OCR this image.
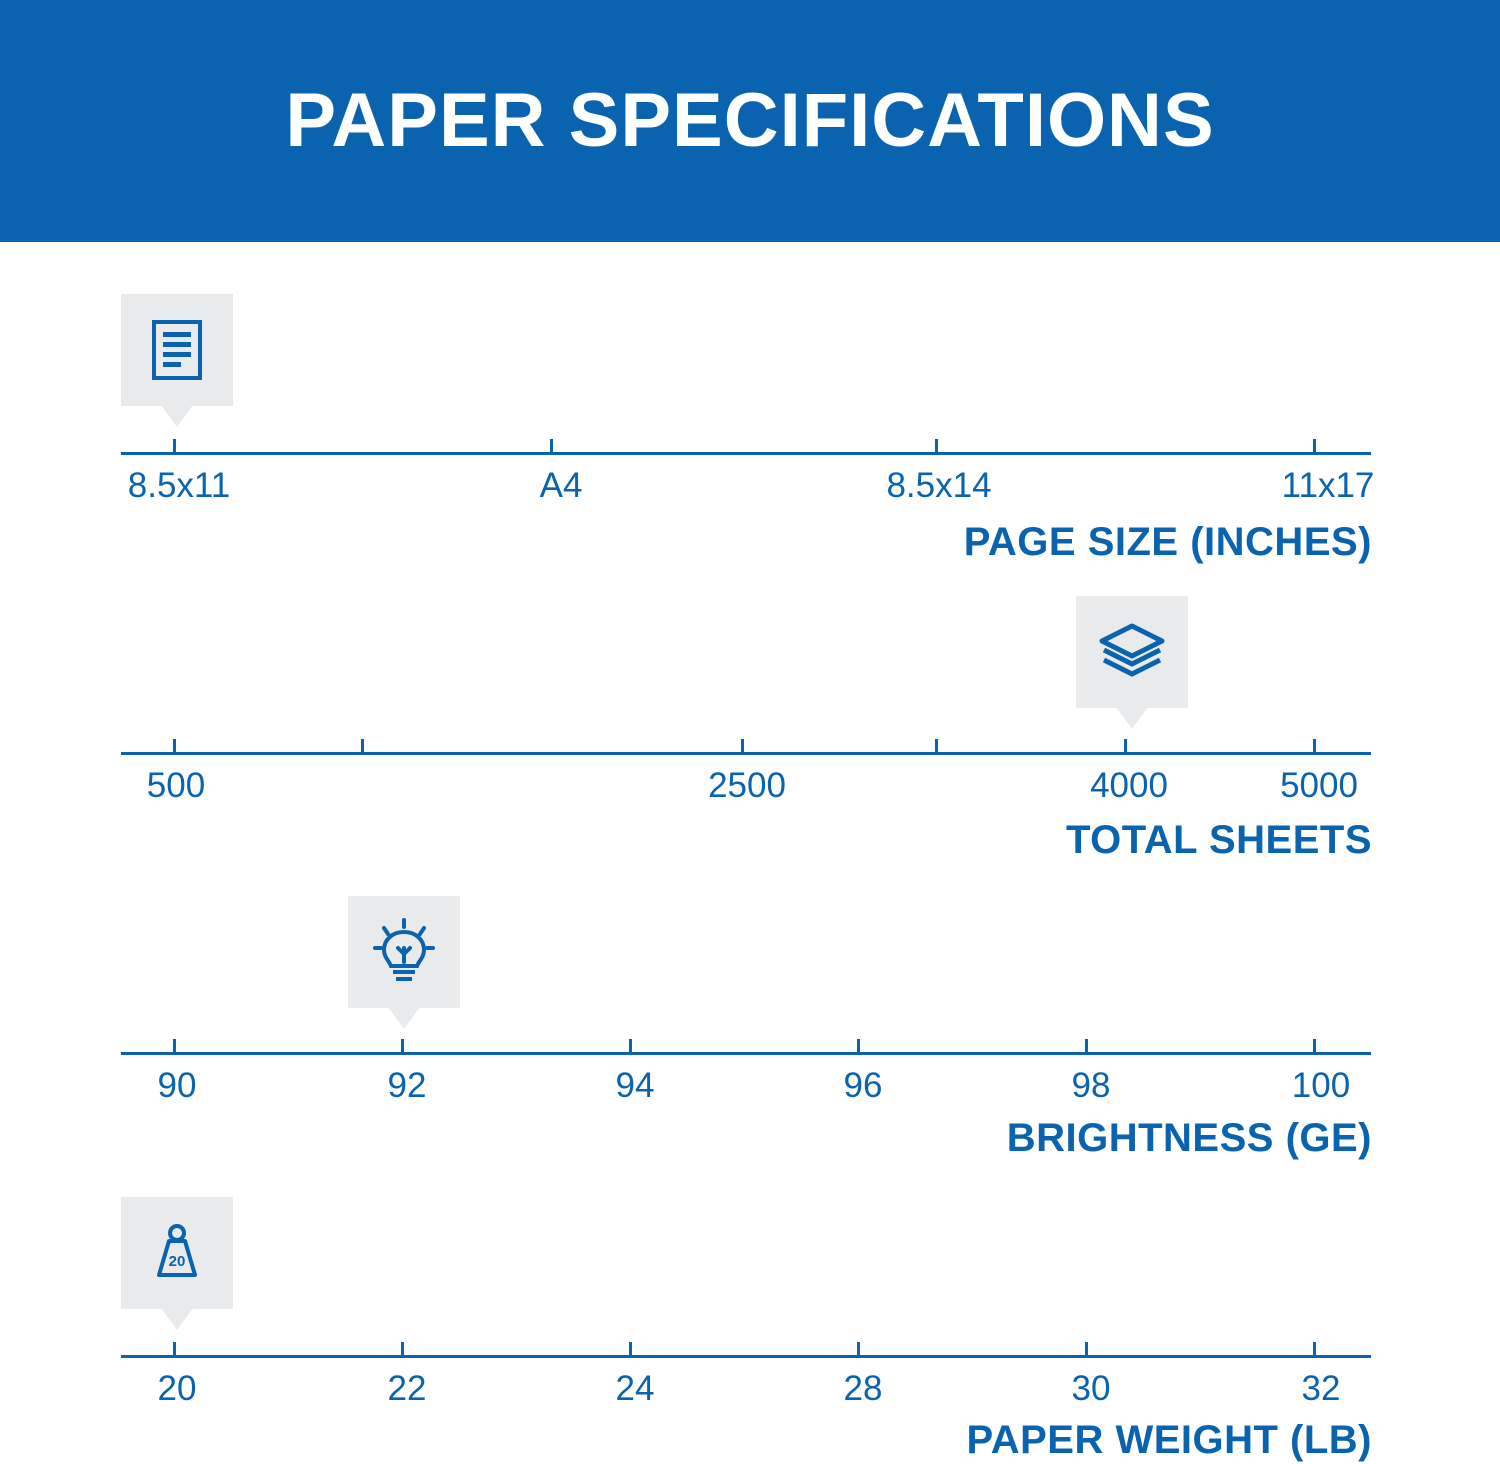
PAPER SPECIFICATIONS
8.5x11	A4	8.5x14	11x17
PAGE SIZE (INCHES)
500	2500	4000	5000
TOTAL SHEETS
90	92	94	96	98	100
BRIGHTNESS (GE)
20
20	22	24	28	30	32
PAPER WEIGHT (LB)
